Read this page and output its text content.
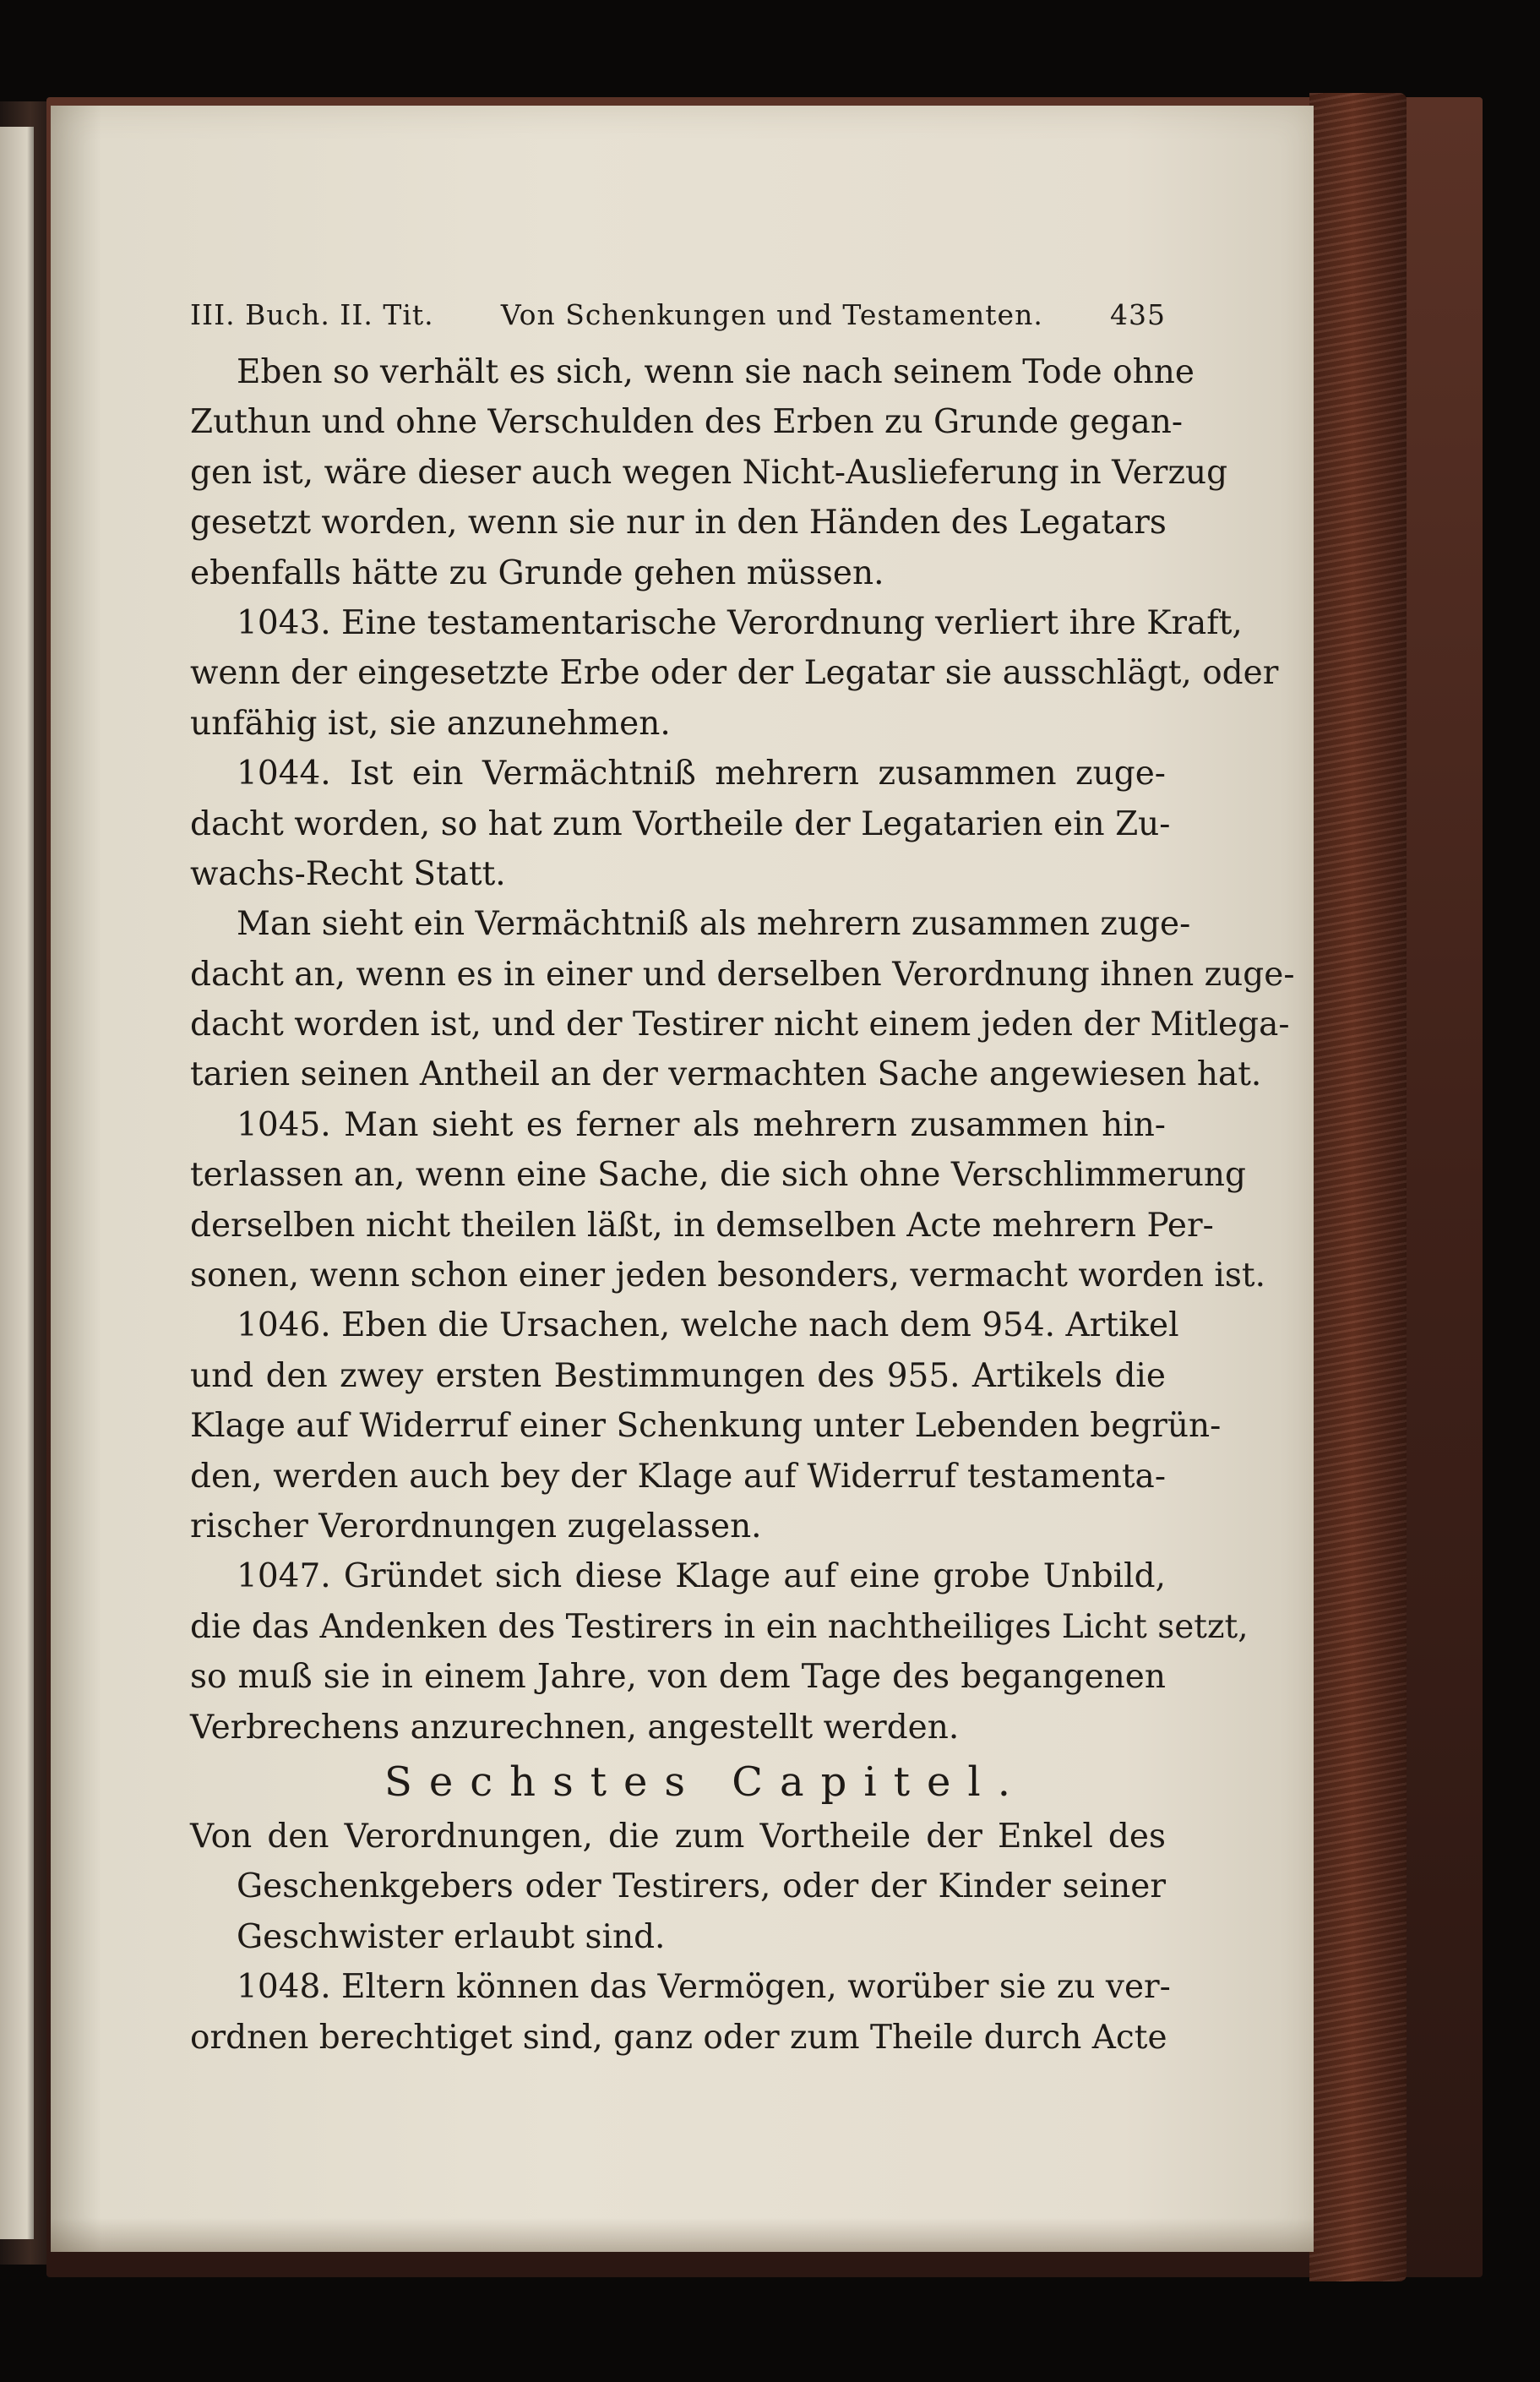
III. Buch. II. Tit. Von Schenkungen und Testamenten. 435
Eben so verhält es sich, wenn sie nach seinem Tode ohne
Zuthun und ohne Verschulden des Erben zu Grunde gegan-
gen ist, wäre dieser auch wegen Nicht-Auslieferung in Verzug
gesetzt worden, wenn sie nur in den Händen des Legatars
ebenfalls hätte zu Grunde gehen müssen.
1043. Eine testamentarische Verordnung verliert ihre Kraft,
wenn der eingesetzte Erbe oder der Legatar sie ausschlägt, oder
unfähig ist, sie anzunehmen.
1044. Ist ein Vermächtniß mehrern zusammen zuge-
dacht worden, so hat zum Vortheile der Legatarien ein Zu-
wachs-Recht Statt.
Man sieht ein Vermächtniß als mehrern zusammen zuge-
dacht an, wenn es in einer und derselben Verordnung ihnen zuge-
dacht worden ist, und der Testirer nicht einem jeden der Mitlega-
tarien seinen Antheil an der vermachten Sache angewiesen hat.
1045. Man sieht es ferner als mehrern zusammen hin-
terlassen an, wenn eine Sache, die sich ohne Verschlimmerung
derselben nicht theilen läßt, in demselben Acte mehrern Per-
sonen, wenn schon einer jeden besonders, vermacht worden ist.
1046. Eben die Ursachen, welche nach dem 954. Artikel
und den zwey ersten Bestimmungen des 955. Artikels die
Klage auf Widerruf einer Schenkung unter Lebenden begrün-
den, werden auch bey der Klage auf Widerruf testamenta-
rischer Verordnungen zugelassen.
1047. Gründet sich diese Klage auf eine grobe Unbild,
die das Andenken des Testirers in ein nachtheiliges Licht setzt,
so muß sie in einem Jahre, von dem Tage des begangenen
Verbrechens anzurechnen, angestellt werden.
Sechstes Capitel.
Von den Verordnungen, die zum Vortheile der Enkel des
Geschenkgebers oder Testirers, oder der Kinder seiner
Geschwister erlaubt sind.
1048. Eltern können das Vermögen, worüber sie zu ver-
ordnen berechtiget sind, ganz oder zum Theile durch Acte
